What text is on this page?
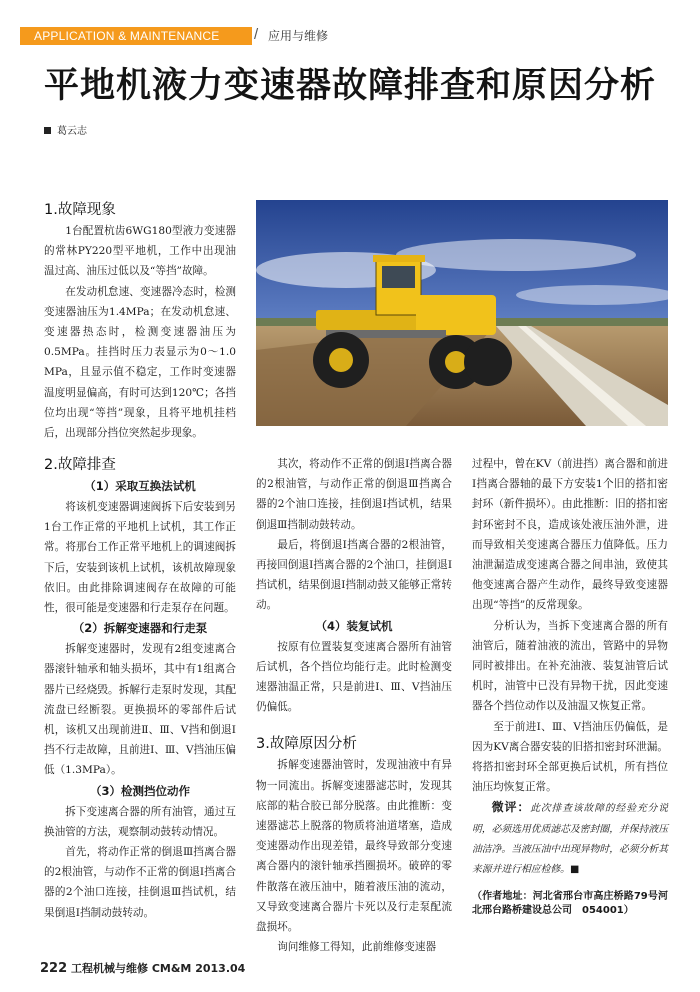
APPLICATION & MAINTENANCE	/ 应用与维修
平地机液力变速器故障排查和原因分析
葛云志
1.故障现象

1台配置杭齿6WG180型液力变速器的常林PY220型平地机，工作中出现油温过高、油压过低以及“等挡”故障。

在发动机怠速、变速器冷态时，检测变速器油压为1.4MPa；在发动机怠速、变速器热态时，检测变速器油压为0.5MPa。挂挡时压力表显示为0～1.0 MPa，且显示值不稳定，工作时变速器温度明显偏高，有时可达到120℃；各挡位均出现“等挡”现象，且将平地机挂档后，出现部分挡位突然起步现象。

2.故障排查
（1）采取互换法试机

将该机变速器调速阀拆下后安装到另1台工作正常的平地机上试机，其工作正常。将那台工作正常平地机上的调速阀拆下后，安装到该机上试机，该机故障现象依旧。由此排除调速阀存在故障的可能性，很可能是变速器和行走泵存在问题。

（2）拆解变速器和行走泵

拆解变速器时，发现有2组变速离合器滚针轴承和轴头损坏，其中有1组离合器片已经烧毁。拆解行走泵时发现，其配流盘已经断裂。更换损坏的零部件后试机，该机又出现前进Ⅱ、Ⅲ、Ⅴ挡和倒退Ⅰ挡不行走故障，且前进Ⅰ、Ⅲ、Ⅴ挡油压偏低（1.3MPa）。

（3）检测挡位动作

拆下变速离合器的所有油管，通过互换油管的方法，观察制动鼓转动情况。

首先，将动作正常的倒退Ⅲ挡离合器的2根油管，与动作不正常的倒退Ⅰ挡离合器的2个油口连接，挂倒退Ⅲ挡试机，结果倒退Ⅰ挡制动鼓转动。

其次，将动作不正常的倒退Ⅰ挡离合器的2根油管，与动作正常的倒退Ⅲ挡离合器的2个油口连接，挂倒退Ⅰ挡试机，结果倒退Ⅲ挡制动鼓转动。

最后，将倒退Ⅰ挡离合器的2根油管，再接回倒退Ⅰ挡离合器的2个油口，挂倒退Ⅰ挡试机，结果倒退Ⅰ挡制动鼓又能够正常转动。

（4）装复试机

按原有位置装复变速离合器所有油管后试机，各个挡位均能行走。此时检测变速器油温正常，只是前进Ⅰ、Ⅲ、Ⅴ挡油压仍偏低。

3.故障原因分析

拆解变速器油管时，发现油液中有异物一同流出。拆解变速器滤芯时，发现其底部的粘合胶已部分脱落。由此推断：变速器滤芯上脱落的物质将油道堵塞，造成变速器动作出现差错，最终导致部分变速离合器内的滚针轴承挡圈损坏。破碎的零件散落在液压油中，随着液压油的流动，又导致变速离合器片卡死以及行走泵配流盘损坏。

询问维修工得知，此前维修变速器

过程中，曾在KV（前进挡）离合器和前进Ⅰ挡离合器轴的最下方安装1个旧的搭扣密封环（新件损坏）。由此推断：旧的搭扣密封环密封不良，造成该处液压油外泄，进而导致相关变速离合器压力值降低。压力油泄漏造成变速离合器之间串油，致使其他变速离合器产生动作，最终导致变速器出现“等挡”的反常现象。

分析认为，当拆下变速离合器的所有油管后，随着油液的流出，管路中的异物同时被排出。在补充油液、装复油管后试机时，油管中已没有异物干扰，因此变速器各个挡位动作以及油温又恢复正常。

至于前进Ⅰ、Ⅲ、Ⅴ挡油压仍偏低，是因为KV离合器安装的旧搭扣密封环泄漏。将搭扣密封环全部更换后试机，所有挡位油压均恢复正常。

微评：此次排查该故障的经验充分说明，必须选用优质滤芯及密封圈，并保持液压油洁净。当液压油中出现异物时，必须分析其来源并进行相应检修。■

（作者地址：河北省邢台市高庄桥路79号河北邢台路桥建设总公司　054001）

222 工程机械与维修 CM&M 2013.04
